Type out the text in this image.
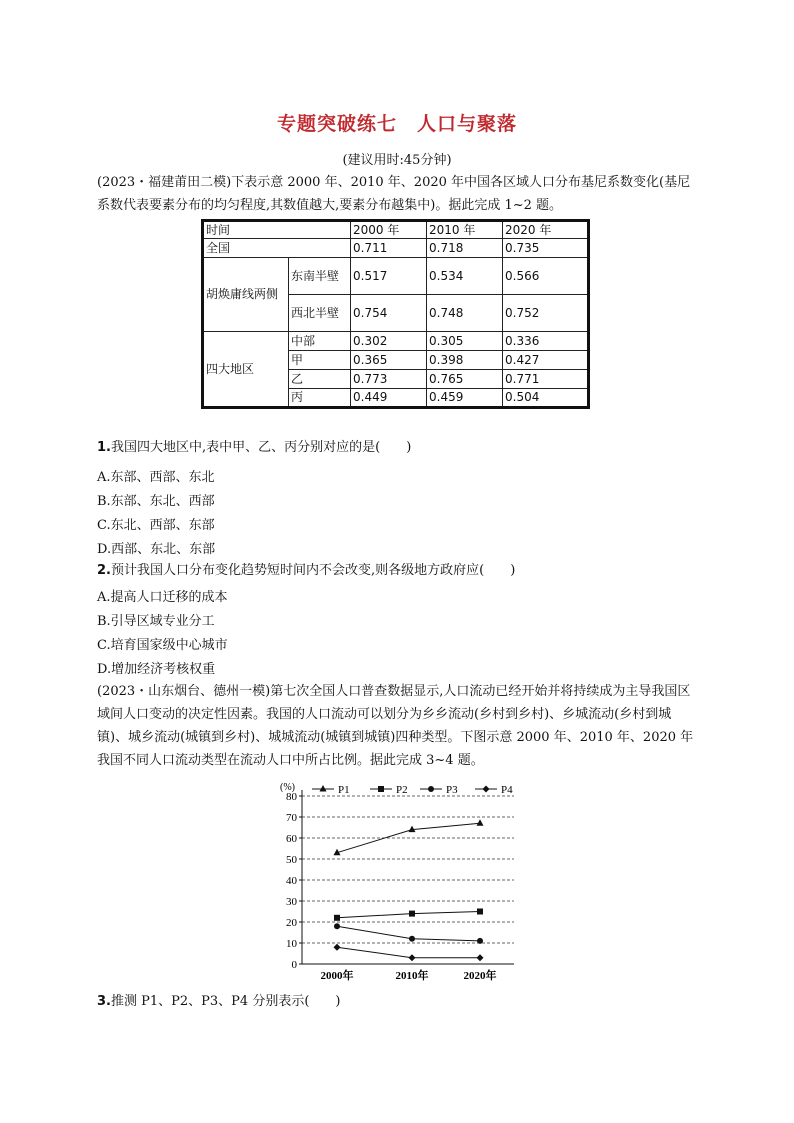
专题突破练七　人口与聚落
(建议用时:45分钟)
(2023・福建莆田二模)下表示意 2000 年、2010 年、2020 年中国各区域人口分布基尼系数变化(基尼系数代表要素分布的均匀程度,其数值越大,要素分布越集中)。据此完成 1~2 题。
时间		2000 年	2010 年	2020 年
全国		0.711	0.718	0.735
胡焕庸线两侧	东南半壁	0.517	0.534	0.566
	西北半壁	0.754	0.748	0.752
四大地区	中部	0.302	0.305	0.336
	甲	0.365	0.398	0.427
	乙	0.773	0.765	0.771
	丙	0.449	0.459	0.504
1.我国四大地区中,表中甲、乙、丙分别对应的是(　　)
A.东部、西部、东北
B.东部、东北、西部
C.东北、西部、东部
D.西部、东北、东部
2.预计我国人口分布变化趋势短时间内不会改变,则各级地方政府应(　　)
A.提高人口迁移的成本
B.引导区域专业分工
C.培育国家级中心城市
D.增加经济考核权重
(2023・山东烟台、德州一模)第七次全国人口普查数据显示,人口流动已经开始并将持续成为主导我国区域间人口变动的决定性因素。我国的人口流动可以划分为乡乡流动(乡村到乡村)、乡城流动(乡村到城镇)、城乡流动(城镇到乡村)、城城流动(城镇到城镇)四种类型。下图示意 2000 年、2010 年、2020 年我国不同人口流动类型在流动人口中所占比例。据此完成 3~4 题。
(%)
0
10
20
30
40
50
60
70
80
2000年	2010年	2020年
P1	P2	P3	P4
3.推测 P1、P2、P3、P4 分别表示(　　)
